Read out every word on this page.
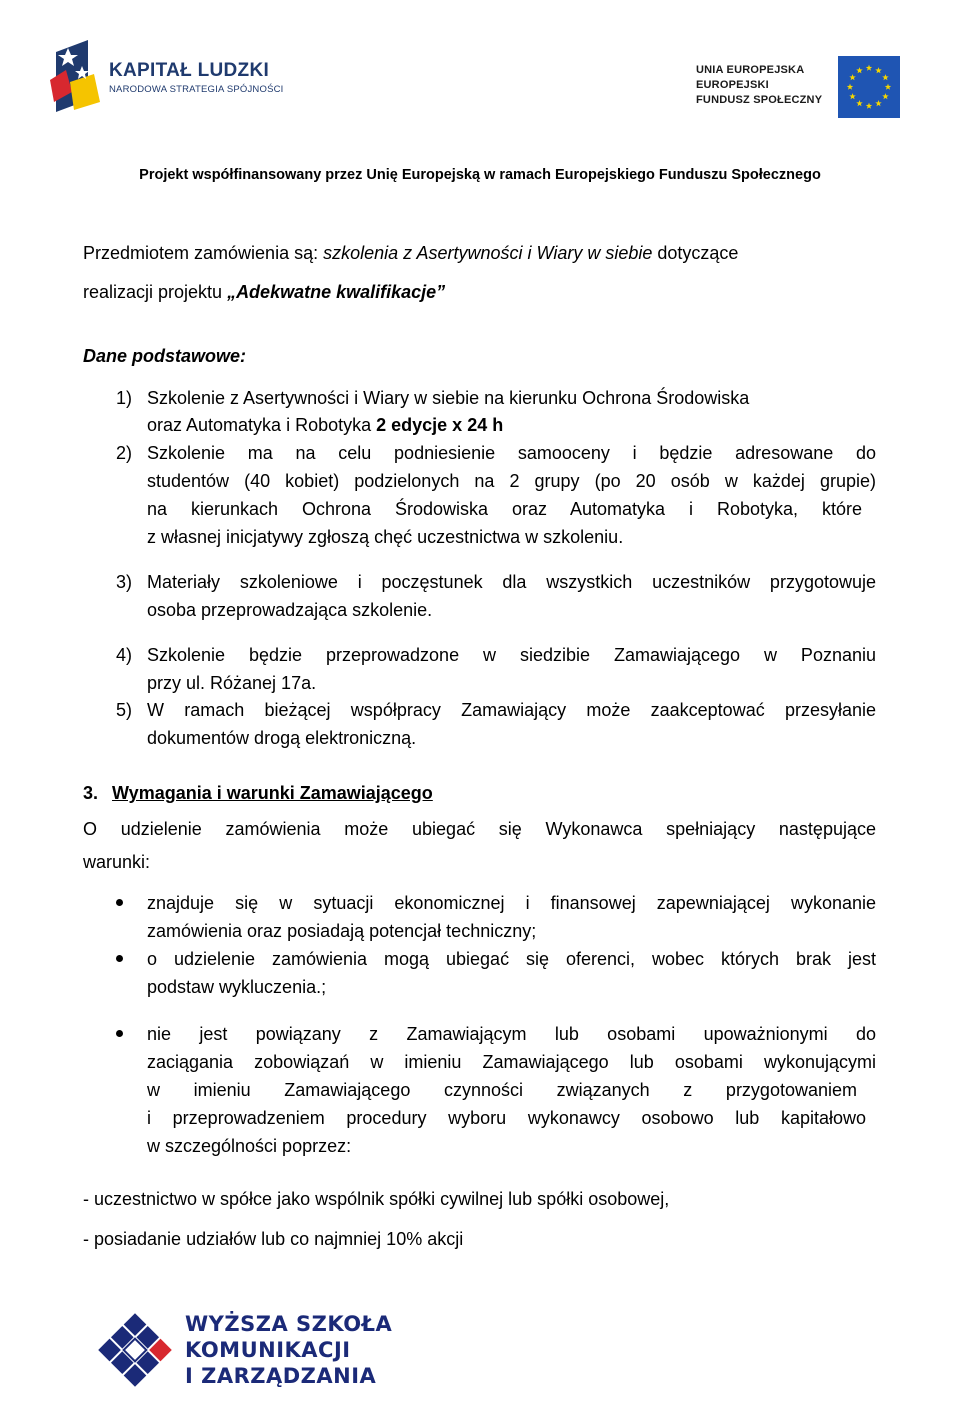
KAPITAŁ LUDZKI
NARODOWA STRATEGIA SPÓJNOŚCI
UNIA EUROPEJSKA
EUROPEJSKI
FUNDUSZ SPOŁECZNY
Projekt współfinansowany przez Unię Europejską w ramach Europejskiego Funduszu Społecznego
Przedmiotem zamówienia są: szkolenia z Asertywności i Wiary w siebie dotyczące
realizacji projektu „Adekwatne kwalifikacje”
Dane podstawowe:
1) Szkolenie z Asertywności i Wiary w siebie na kierunku Ochrona Środowiska
oraz Automatyka i Robotyka 2 edycje x 24 h
2) Szkolenie ma na celu podniesienie samooceny i będzie adresowane do
studentów (40 kobiet) podzielonych na 2 grupy (po 20 osób w każdej grupie)
na kierunkach Ochrona Środowiska oraz Automatyka i Robotyka, które
z własnej inicjatywy zgłoszą chęć uczestnictwa w szkoleniu.
3) Materiały szkoleniowe i poczęstunek dla wszystkich uczestników przygotowuje
osoba przeprowadzająca szkolenie.
4) Szkolenie będzie przeprowadzone w siedzibie Zamawiającego w Poznaniu
przy ul. Różanej 17a.
5) W ramach bieżącej współpracy Zamawiający może zaakceptować przesyłanie
dokumentów drogą elektroniczną.
3. Wymagania i warunki Zamawiającego
O udzielenie zamówienia może ubiegać się Wykonawca spełniający następujące
warunki:
znajduje się w sytuacji ekonomicznej i finansowej zapewniającej wykonanie
zamówienia oraz posiadają potencjał techniczny;
o udzielenie zamówienia mogą ubiegać się oferenci, wobec których brak jest
podstaw wykluczenia.;
nie jest powiązany z Zamawiającym lub osobami upoważnionymi do
zaciągania zobowiązań w imieniu Zamawiającego lub osobami wykonującymi
w imieniu Zamawiającego czynności związanych z przygotowaniem
i przeprowadzeniem procedury wyboru wykonawcy osobowo lub kapitałowo
w szczególności poprzez:
- uczestnictwo w spółce jako wspólnik spółki cywilnej lub spółki osobowej,
- posiadanie udziałów lub co najmniej 10% akcji
WYŻSZA SZKOŁA
KOMUNIKACJI
I ZARZĄDZANIA
